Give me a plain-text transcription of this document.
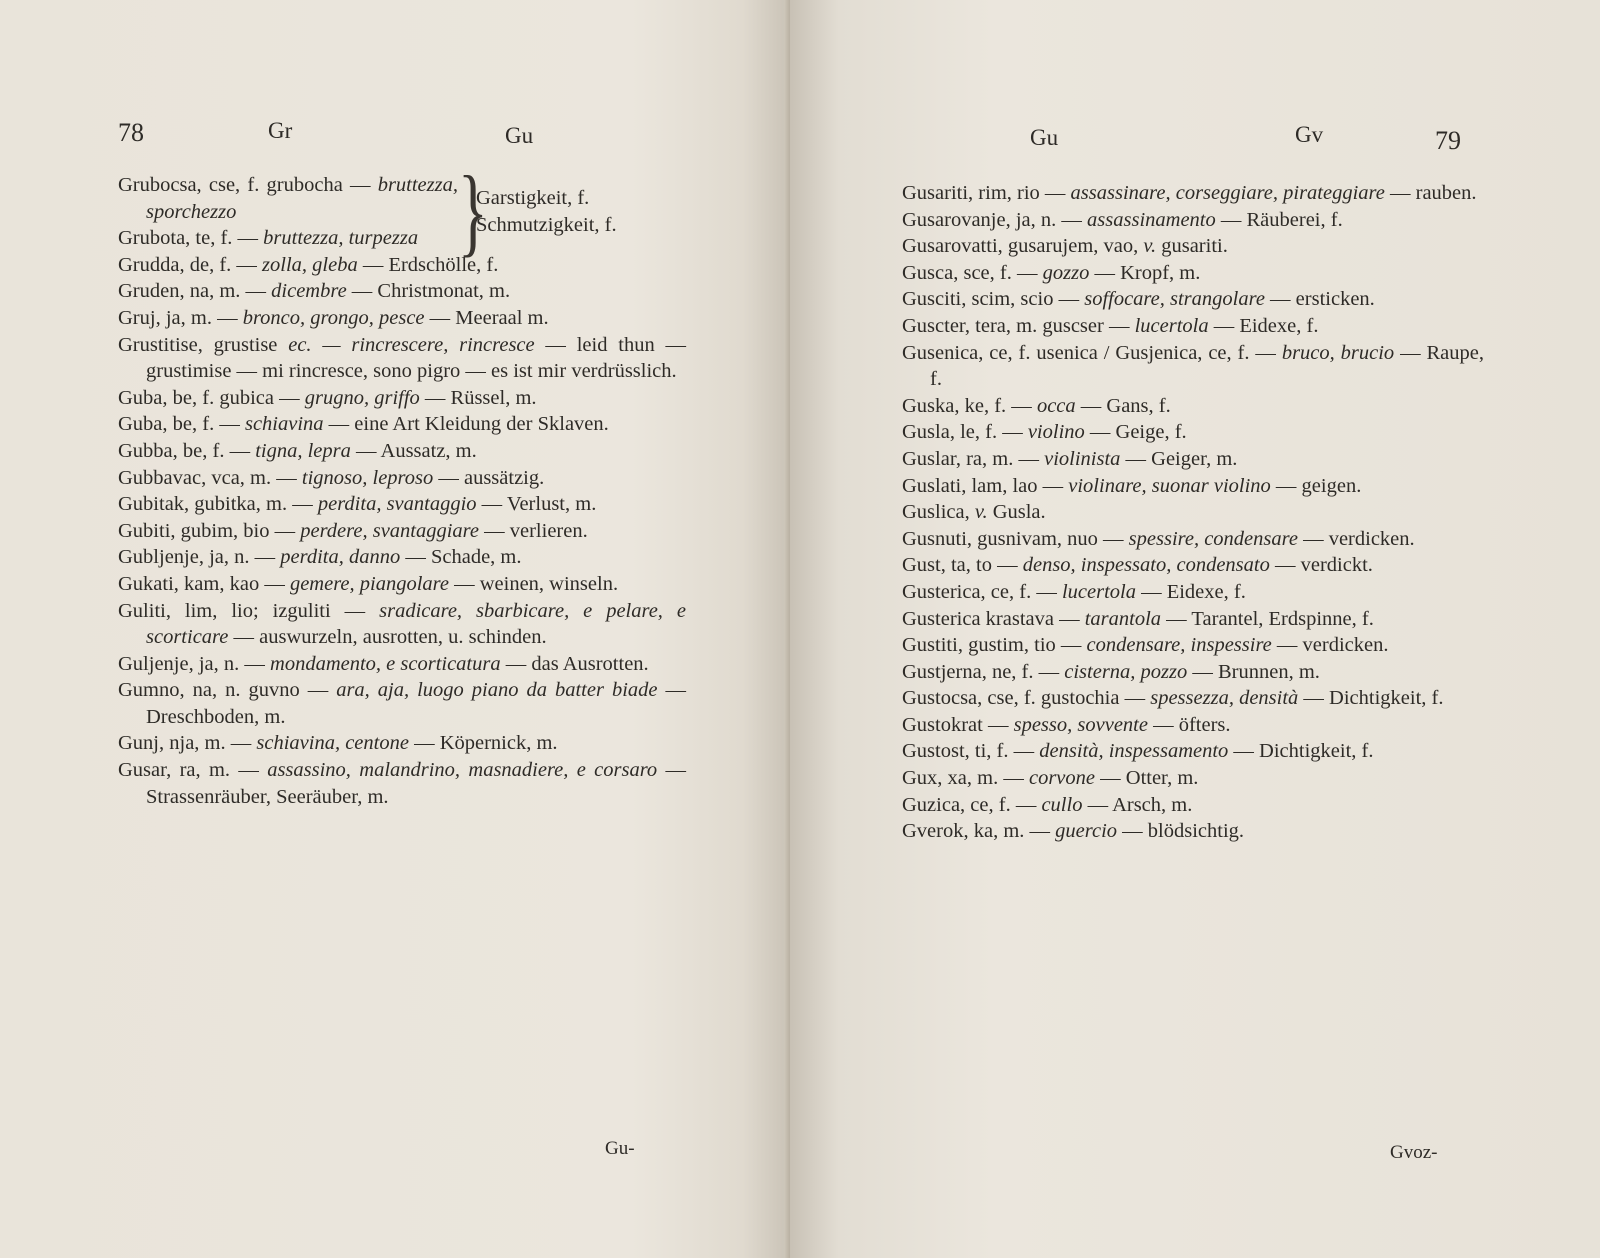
78	Gr	Gu
Grubocsa, cse, f. grubocha — bruttezza, sporchezzo
Grubota, te, f. — bruttezza, turpezza }
Garstigkeit, f. Schmutzigkeit, f.
Grudda, de, f. — zolla, gleba — Erdschölle, f.
Gruden, na, m. — dicembre — Christmonat, m.
Gruj, ja, m. — bronco, grongo, pesce — Meeraal m.
Grustitise, grustise ec. — rincrescere, rincresce — leid thun — grustimise — mi rincresce, sono pigro — es ist mir verdrüsslich.
Guba, be, f. gubica — grugno, griffo — Rüssel, m.
Guba, be, f. — schiavina — eine Art Kleidung der Sklaven.
Gubba, be, f. — tigna, lepra — Aussatz, m.
Gubbavac, vca, m. — tignoso, leproso — aussätzig.
Gubitak, gubitka, m. — perdita, svantaggio — Verlust, m.
Gubiti, gubim, bio — perdere, svantaggiare — verlieren.
Gubljenje, ja, n. — perdita, danno — Schade, m.
Gukati, kam, kao — gemere, piangolare — weinen, winseln.
Guliti, lim, lio; izguliti — sradicare, sbarbicare, e pelare, e scorticare — auswurzeln, ausrotten, u. schinden.
Guljenje, ja, n. — mondamento, e scorticatura — das Ausrotten.
Gumno, na, n. guvno — ara, aja, luogo piano da batter biade — Dreschboden, m.
Gunj, nja, m. — schiavina, centone — Köpernick, m.
Gusar, ra, m. — assassino, malandrino, masnadiere, e corsaro — Strassenräuber, Seeräuber, m.
Gu-
Gu	Gv	79
Gusariti, rim, rio — assassinare, corseggiare, piratеggiare — rauben.
Gusarovanje, ja, n. — assassinamento — Räuberei, f.
Gusarovatti, gusarujem, vao, v. gusariti.
Gusca, sce, f. — gozzo — Kropf, m.
Gusciti, scim, scio — soffocare, strangolare — ersticken.
Guscter, tera, m. guscser — lucertola — Eidexe, f.
Gusenica, ce, f. usenica / Gusjenica, ce, f. — bruco, brucio — Raupe, f.
Guska, ke, f. — occa — Gans, f.
Gusla, le, f. — violino — Geige, f.
Guslar, ra, m. — violinista — Geiger, m.
Guslati, lam, lao — violinare, suonar violino — geigen.
Guslica, v. Gusla.
Gusnuti, gusnivam, nuo — spessire, condensare — verdicken.
Gust, ta, to — denso, inspessato, condensato — verdickt.
Gusterica, ce, f. — lucertola — Eidexe, f.
Gusterica krastava — tarantola — Tarantel, Erdspinne, f.
Gustiti, gustim, tio — condensare, inspessire — verdicken.
Gustjerna, ne, f. — cisterna, pozzo — Brunnen, m.
Gustocsa, cse, f. gustochia — spessezza, densità — Dichtigkeit, f.
Gustokrat — spesso, sovvente — öfters.
Gustost, ti, f. — densità, inspessamento — Dichtigkeit, f.
Gux, xa, m. — corvone — Otter, m.
Guzica, ce, f. — cullo — Arsch, m.
Gverok, ka, m. — guercio — blödsichtig.
Gvoz-
